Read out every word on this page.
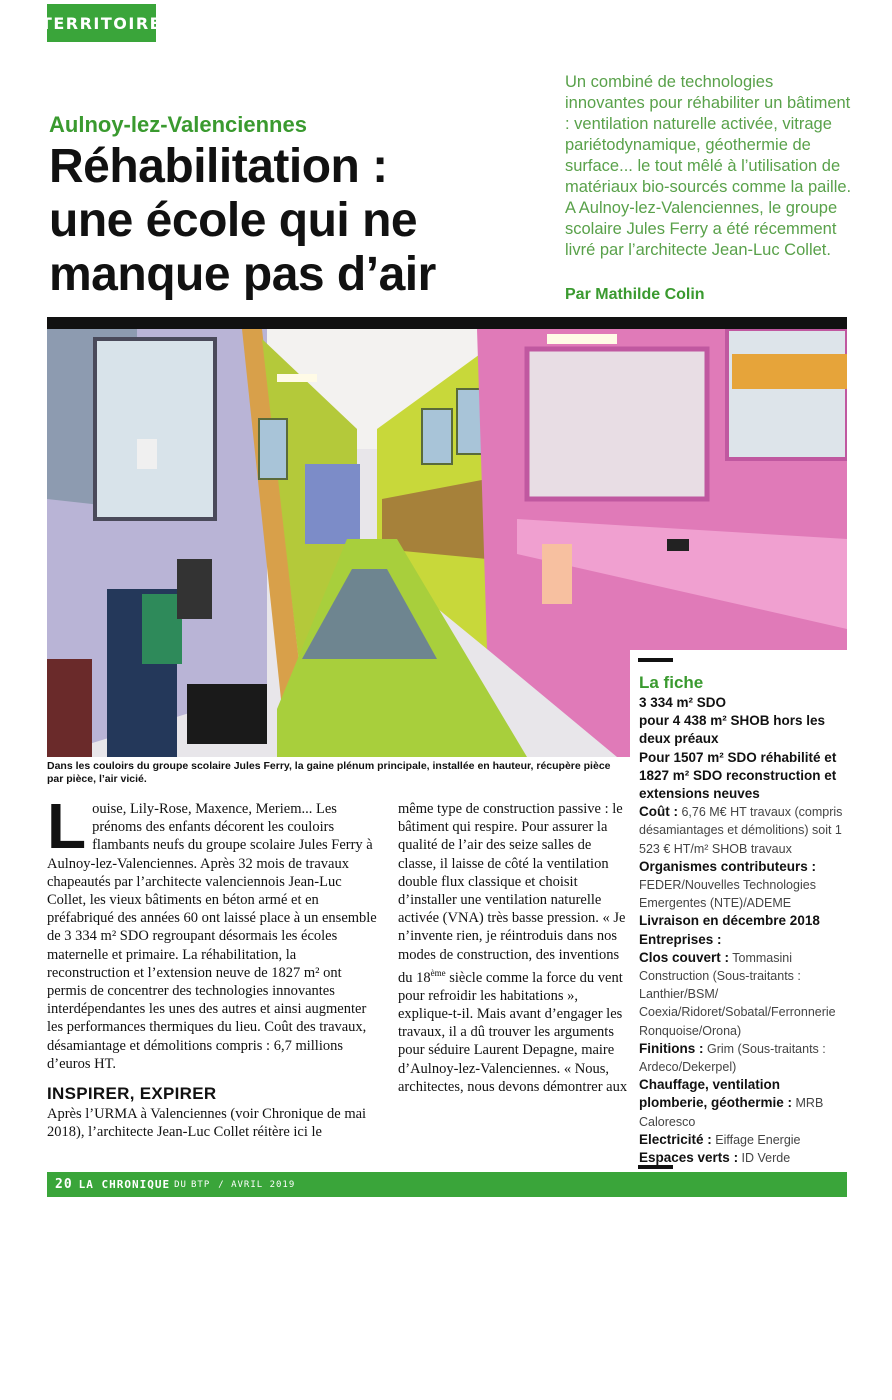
TERRITOIRE
Aulnoy-lez-Valenciennes
Réhabilitation :
une école qui ne
manque pas d’air

Un combiné de technologies innovantes pour réhabiliter un bâtiment : ventilation naturelle activée, vitrage pariétodynamique, géothermie de surface... le tout mêlé à l’utilisation de matériaux bio-sourcés comme la paille. A Aulnoy-lez-Valenciennes, le groupe scolaire Jules Ferry a été récemment livré par l’architecte Jean-Luc Collet.

Par Mathilde Colin
Dans les couloirs du groupe scolaire Jules Ferry, la gaine plénum principale, installée en hauteur, récupère pièce par pièce, l’air vicié.

Louise, Lily-Rose, Maxence, Meriem... Les prénoms des enfants décorent les couloirs flambants neufs du groupe scolaire Jules Ferry à Aulnoy-lez-Valenciennes. Après 32 mois de travaux chapeautés par l’architecte valenciennois Jean-Luc Collet, les vieux bâtiments en béton armé et en préfabriqué des années 60 ont laissé place à un ensemble de 3 334 m² SDO regroupant désormais les écoles maternelle et primaire. La réhabilitation, la reconstruction et l’extension neuve de 1827 m² ont permis de concentrer des technologies innovantes interdépendantes les unes des autres et ainsi augmenter les performances thermiques du lieu. Coût des travaux, désamiantage et démolitions compris : 6,7 millions d’euros HT.

INSPIRER, EXPIRER

Après l’URMA à Valenciennes (voir Chronique de mai 2018), l’architecte Jean-Luc Collet réitère ici le

même type de construction passive : le bâtiment qui respire. Pour assurer la qualité de l’air des seize salles de classe, il laisse de côté la ventilation double flux classique et choisit d’installer une ventilation naturelle activée (VNA) très basse pression. « Je n’invente rien, je réintroduis dans nos modes de construction, des inventions du 18ème siècle comme la force du vent pour refroidir les habitations », explique-t-il. Mais avant d’engager les travaux, il a dû trouver les arguments pour séduire Laurent Depagne, maire d’Aulnoy-lez-Valenciennes. « Nous, architectes, nous devons démontrer aux

La fiche

3 334 m² SDO

pour 4 438 m² SHOB hors les deux préaux

Pour 1507 m² SDO réhabilité et 1827 m² SDO reconstruction et extensions neuves

Coût : 6,76 M€ HT travaux (compris désamiantages et démolitions) soit 1 523 € HT/m² SHOB travaux

Organismes contributeurs :

FEDER/Nouvelles Technologies Emergentes (NTE)/ADEME

Livraison en décembre 2018

Entreprises :

Clos couvert : Tommasini Construction (Sous-traitants : Lanthier/BSM/ Coexia/Ridoret/Sobatal/Ferronnerie Ronquoise/Orona)

Finitions : Grim (Sous-traitants : Ardeco/Dekerpel)

Chauffage, ventilation plomberie, géothermie : MRB Caloresco

Electricité : Eiffage Energie

Espaces verts : ID Verde

20 LA CHRONIQUE DU BTP / AVRIL 2019
